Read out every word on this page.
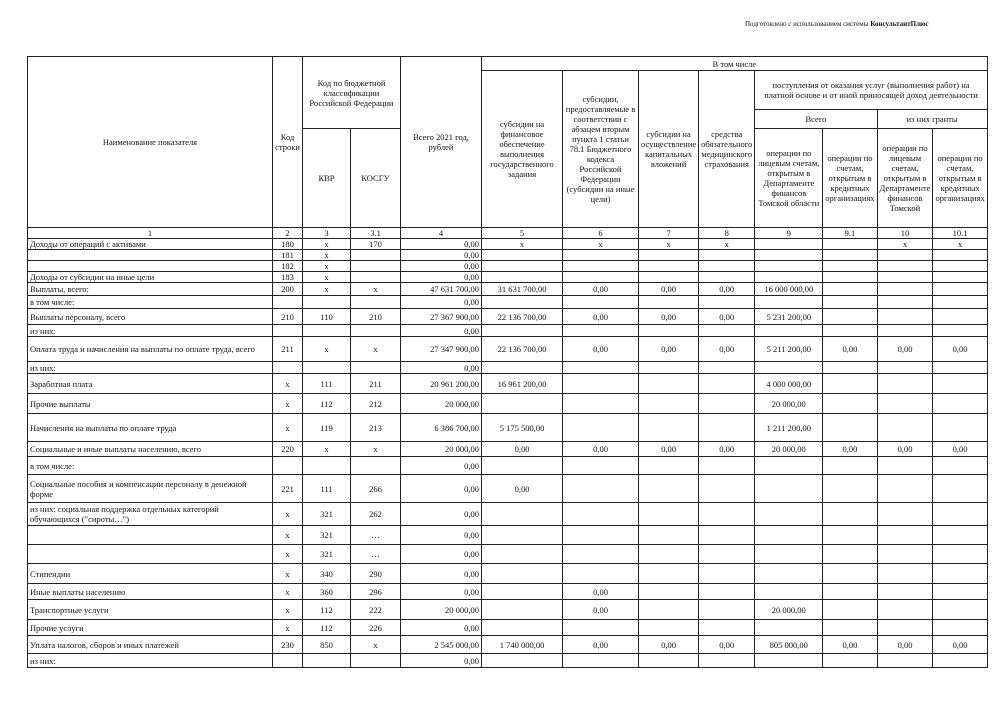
Подготовлено с использованием системы КонсультантПлюс
Наименование показателя	Код строки	Код по бюджетной классификации Российской Федерации		Всего 2021 год, рублей	В том числе							
					субсидии на финансовое обеспечение выполнения государственного задания	субсидии, предоставляемые в соответствии с абзацем вторым пункта 1 статьи 78.1 Бюджетного кодекса Российской Федерации (субсидии на иные цели)	субсидии на осуществление капитальных вложений	средства обязательного медицинского страхования	поступления от оказания услуг (выполнения работ) на платной основе и от иной приносящей доход деятельности			
									Всего		из них гранты	
		КВР	КОСГУ						операции по лицевым счетам, открытым в Департаменте финансов Томской области	операции по счетам, открытым в кредитных организациях	операции по лицевым счетам, открытым в Департаменте финансов Томской	операции по счетам, открытым в кредитных организациях

1	2	3	3.1	4	5	6	7	8	9	9.1	10	10.1
Доходы от операций с активами	180	x	170	0,00	x	x	x	x			x	x
	181	x		0,00								
	182	x		0,00								
Доходы от субсидии на иные цели	183	x		0,00								
Выплаты, всего:	200	x	x	47 631 700,00	31 631 700,00	0,00	0,00	0,00	16 000 000,00			
в том числе:				0,00								
Выплаты персоналу, всего	210	110	210	27 367 900,00	22 136 700,00	0,00	0,00	0,00	5 231 200,00			
из них:				0,00								
Оплата труда и начисления на выплаты по оплате труда, всего	211	x	x	27 347 900,00	22 136 700,00	0,00	0,00	0,00	5 211 200,00	0,00	0,00	0,00
из них:				0,00								
Заработная плата	x	111	211	20 961 200,00	16 961 200,00				4 000 000,00			
Прочие выплаты	x	112	212	20 000,00					20 000,00			
Начисления на выплаты по оплате труда	x	119	213	6 386 700,00	5 175 500,00				1 211 200,00			
Социальные и иные выплаты населению, всего	220	x	x	20 000,00	0,00	0,00	0,00	0,00	20 000,00	0,00	0,00	0,00
в том числе:				0,00								
Социальные пособия и компенсации персоналу в денежной форме	221	111	266	0,00	0,00							
из них: социальная поддержка отдельных категорий обучающихся ("сироты…")	x	321	262	0,00								
	x	321	…	0,00								
	x	321	…	0,00								
Стипендии	x	340	290	0,00								
Иные выплаты населению	x	360	296	0,00		0,00						
Транспортные услуги	x	112	222	20 000,00		0,00			20 000,00			
Прочие услуги	x	112	226	0,00								
Уплата налогов, сборов и иных платежей	230	850	x	2 545 000,00	1 740 000,00	0,00	0,00	0,00	805 000,00	0,00	0,00	0,00
из них:				0,00								
